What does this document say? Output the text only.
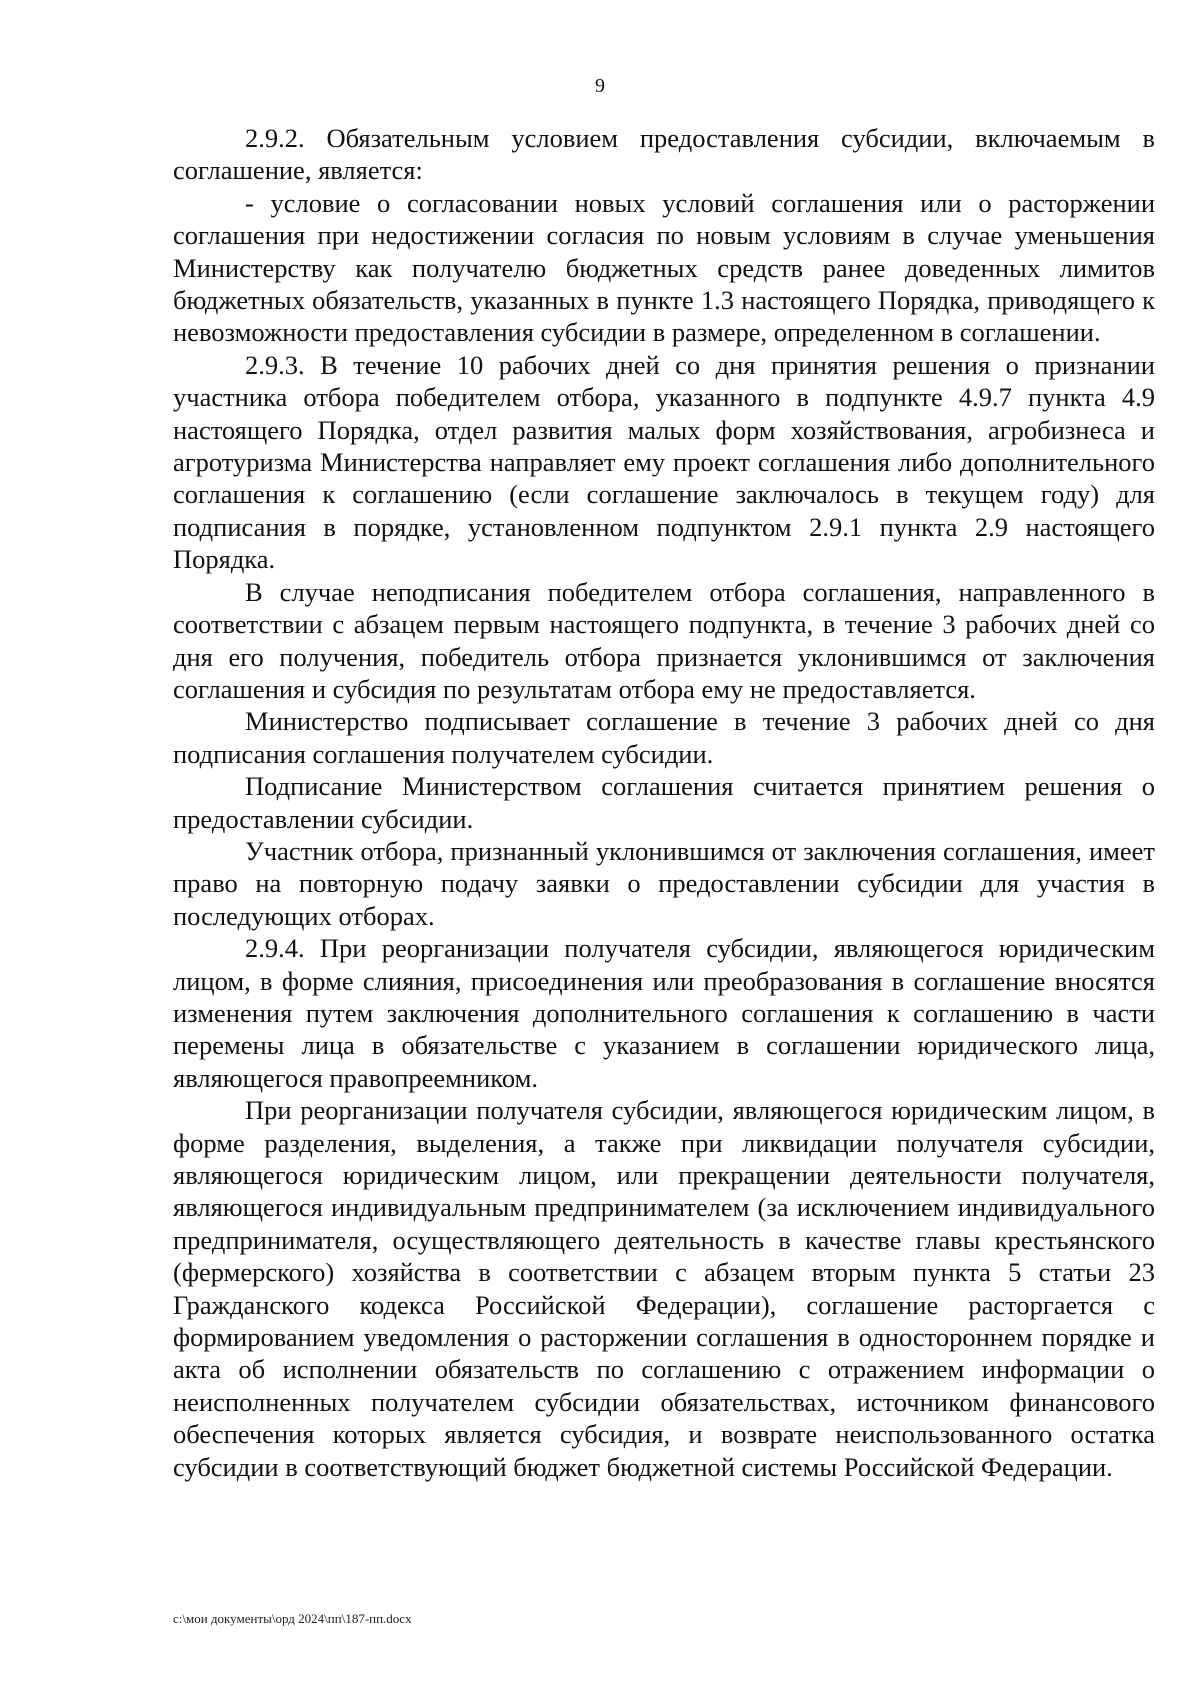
9

2.9.2. Обязательным условием предоставления субсидии, включаемым в соглашение, является:

- условие о согласовании новых условий соглашения или о расторжении соглашения при недостижении согласия по новым условиям в случае уменьшения Министерству как получателю бюджетных средств ранее доведенных лимитов бюджетных обязательств, указанных в пункте 1.3 настоящего Порядка, приводящего к невозможности предоставления субсидии в размере, определенном в соглашении.

2.9.3. В течение 10 рабочих дней со дня принятия решения о признании участника отбора победителем отбора, указанного в подпункте 4.9.7 пункта 4.9 настоящего Порядка, отдел развития малых форм хозяйствования, агробизнеса и агротуризма Министерства направляет ему проект соглашения либо дополнительного соглашения к соглашению (если соглашение заключалось в текущем году) для подписания в порядке, установленном подпунктом 2.9.1 пункта 2.9 настоящего Порядка.

В случае неподписания победителем отбора соглашения, направленного в соответствии с абзацем первым настоящего подпункта, в течение 3 рабочих дней со дня его получения, победитель отбора признается уклонившимся от заключения соглашения и субсидия по результатам отбора ему не предоставляется.

Министерство подписывает соглашение в течение 3 рабочих дней со дня подписания соглашения получателем субсидии.

Подписание Министерством соглашения считается принятием решения о предоставлении субсидии.

Участник отбора, признанный уклонившимся от заключения соглашения, имеет право на повторную подачу заявки о предоставлении субсидии для участия в последующих отборах.

2.9.4. При реорганизации получателя субсидии, являющегося юридическим лицом, в форме слияния, присоединения или преобразования в соглашение вносятся изменения путем заключения дополнительного соглашения к соглашению в части перемены лица в обязательстве с указанием в соглашении юридического лица, являющегося правопреемником.

При реорганизации получателя субсидии, являющегося юридическим лицом, в форме разделения, выделения, а также при ликвидации получателя субсидии, являющегося юридическим лицом, или прекращении деятельности получателя, являющегося индивидуальным предпринимателем (за исключением индивидуального предпринимателя, осуществляющего деятельность в качестве главы крестьянского (фермерского) хозяйства в соответствии с абзацем вторым пункта 5 статьи 23 Гражданского кодекса Российской Федерации), соглашение расторгается с формированием уведомления о расторжении соглашения в одностороннем порядке и акта об исполнении обязательств по соглашению с отражением информации о неисполненных получателем субсидии обязательствах, источником финансового обеспечения которых является субсидия, и возврате неиспользованного остатка субсидии в соответствующий бюджет бюджетной системы Российской Федерации.

c:\мои документы\орд 2024\пп\187-пп.docx
